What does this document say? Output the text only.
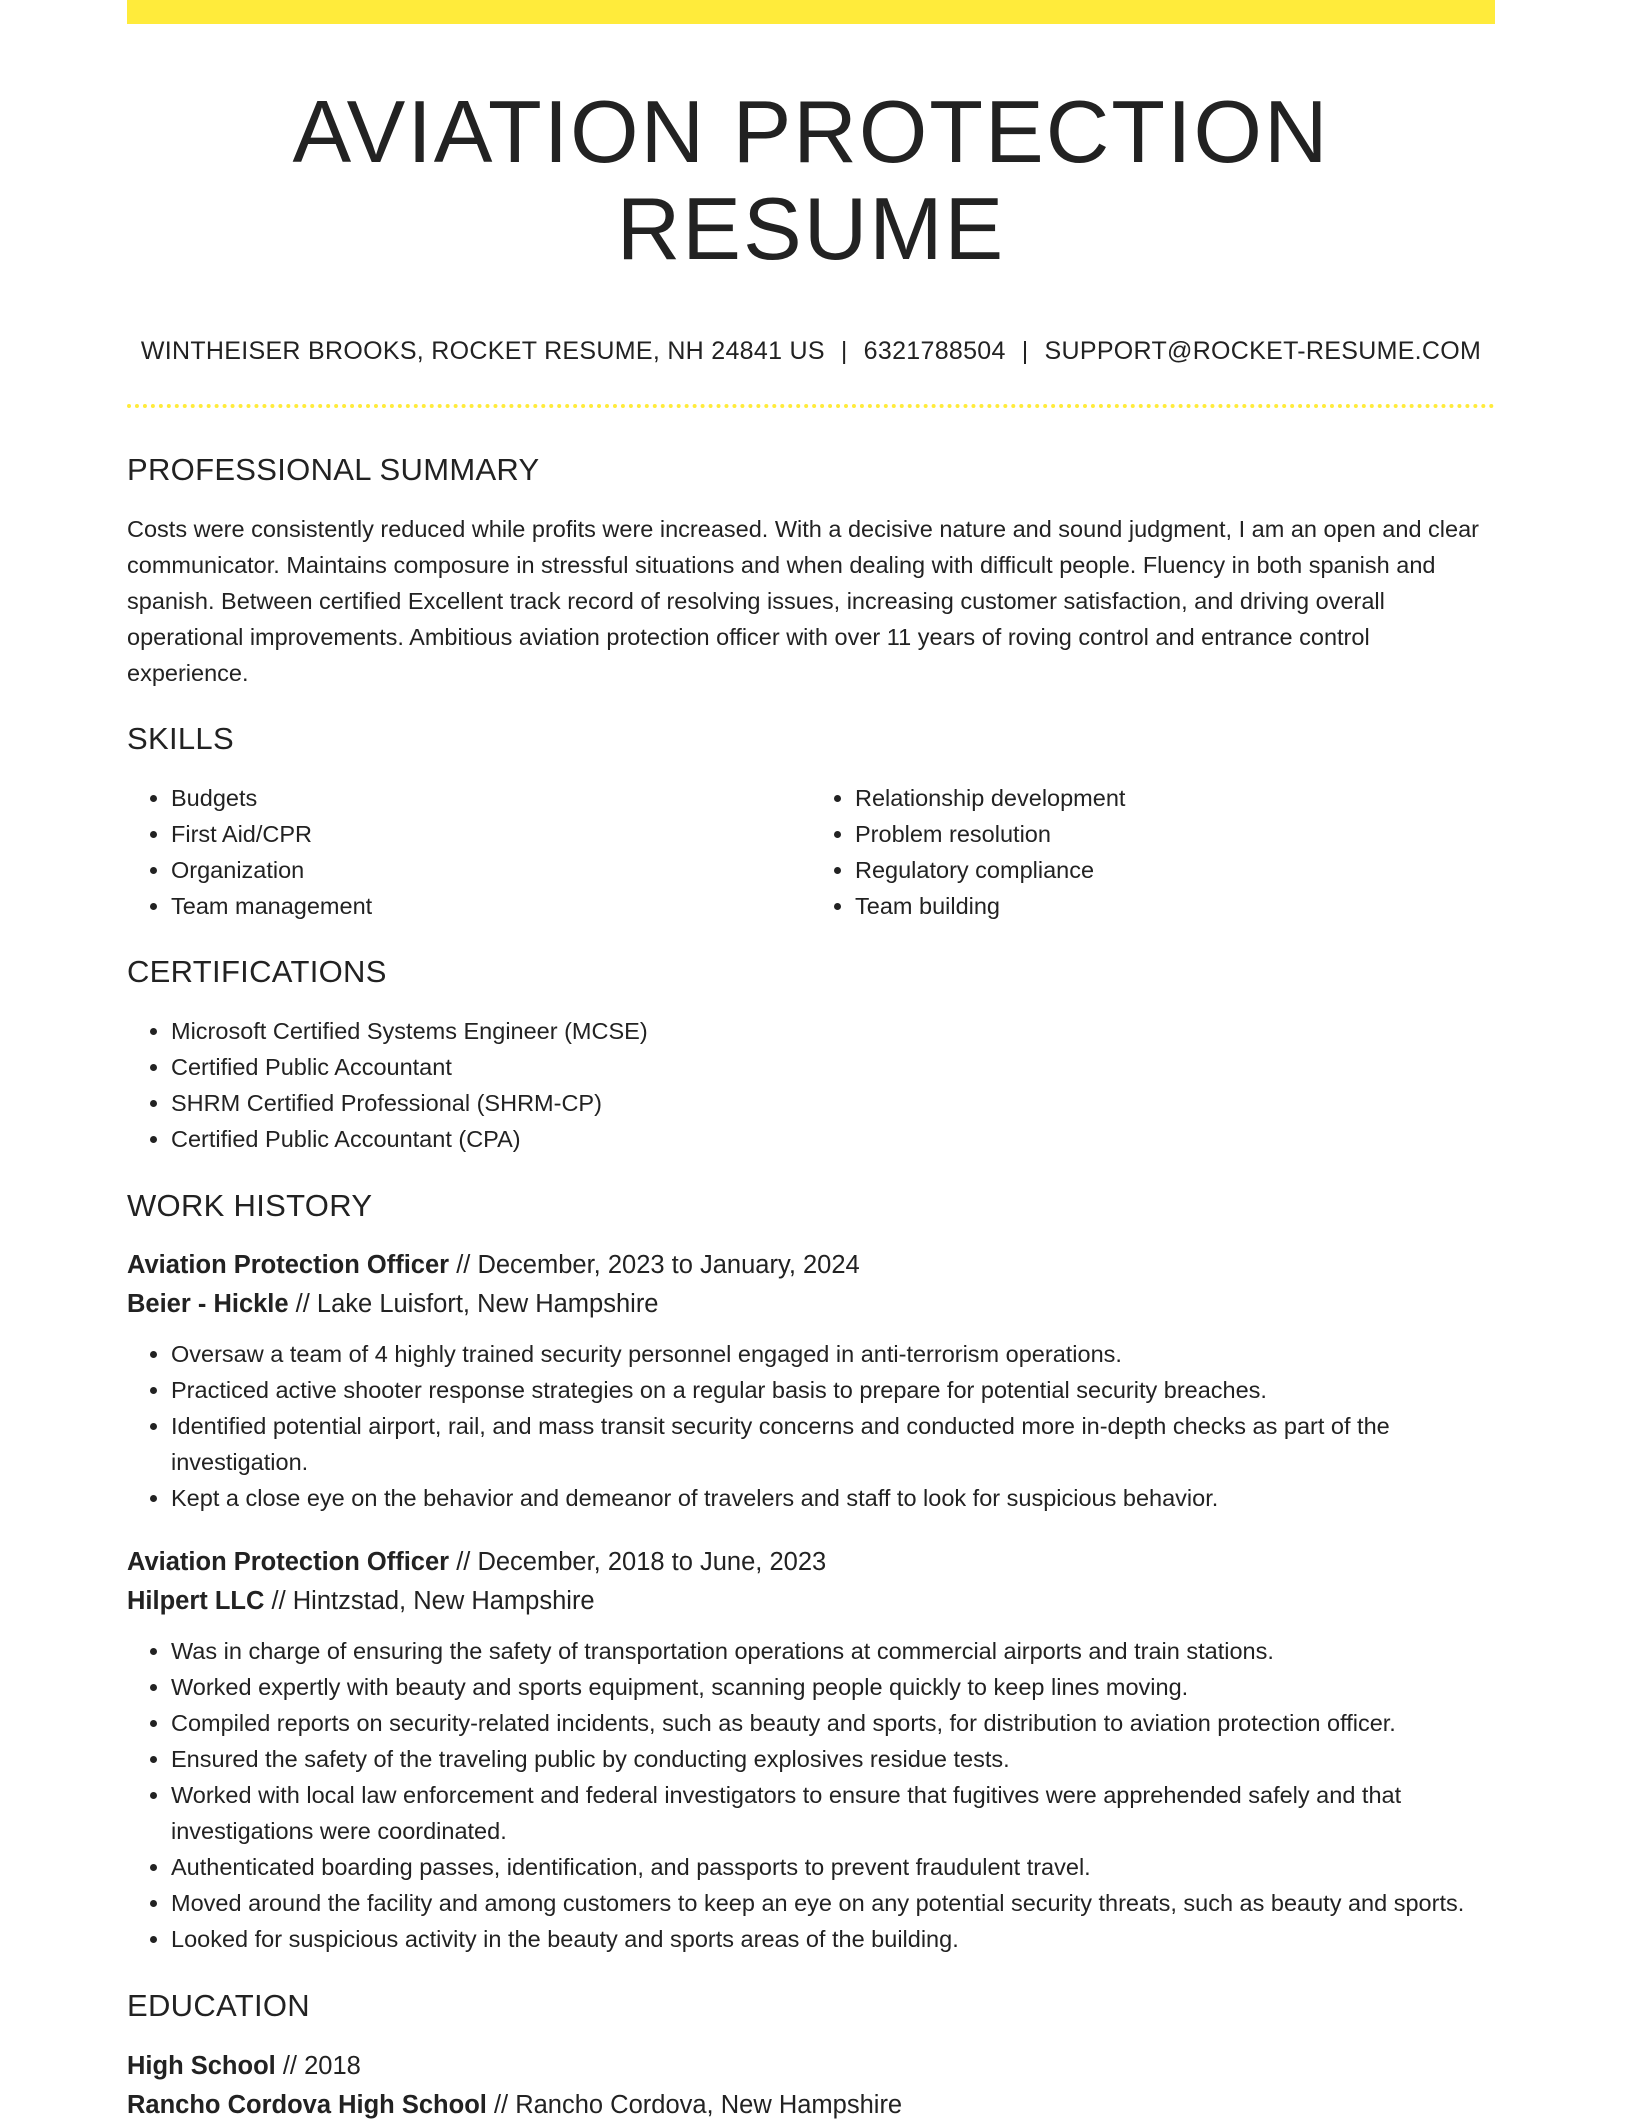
AVIATION PROTECTION RESUME
WINTHEISER BROOKS, ROCKET RESUME, NH 24841 US | 6321788504 | SUPPORT@ROCKET-RESUME.COM
PROFESSIONAL SUMMARY

Costs were consistently reduced while profits were increased. With a decisive nature and sound judgment, I am an open and clear communicator. Maintains composure in stressful situations and when dealing with difficult people. Fluency in both spanish and spanish. Between certified Excellent track record of resolving issues, increasing customer satisfaction, and driving overall operational improvements. Ambitious aviation protection officer with over 11 years of roving control and entrance control experience.

SKILLS
• Budgets
• First Aid/CPR
• Organization
• Team management
• Relationship development
• Problem resolution
• Regulatory compliance
• Team building
CERTIFICATIONS
• Microsoft Certified Systems Engineer (MCSE)
• Certified Public Accountant
• SHRM Certified Professional (SHRM-CP)
• Certified Public Accountant (CPA)
WORK HISTORY

Aviation Protection Officer // December, 2023 to January, 2024

Beier - Hickle // Lake Luisfort, New Hampshire

• Oversaw a team of 4 highly trained security personnel engaged in anti-terrorism operations.
• Practiced active shooter response strategies on a regular basis to prepare for potential security breaches.
• Identified potential airport, rail, and mass transit security concerns and conducted more in-depth checks as part of the investigation.
• Kept a close eye on the behavior and demeanor of travelers and staff to look for suspicious behavior.

Aviation Protection Officer // December, 2018 to June, 2023

Hilpert LLC // Hintzstad, New Hampshire

• Was in charge of ensuring the safety of transportation operations at commercial airports and train stations.
• Worked expertly with beauty and sports equipment, scanning people quickly to keep lines moving.
• Compiled reports on security-related incidents, such as beauty and sports, for distribution to aviation protection officer.
• Ensured the safety of the traveling public by conducting explosives residue tests.
• Worked with local law enforcement and federal investigators to ensure that fugitives were apprehended safely and that investigations were coordinated.
• Authenticated boarding passes, identification, and passports to prevent fraudulent travel.
• Moved around the facility and among customers to keep an eye on any potential security threats, such as beauty and sports.
• Looked for suspicious activity in the beauty and sports areas of the building.
EDUCATION

High School // 2018

Rancho Cordova High School // Rancho Cordova, New Hampshire
